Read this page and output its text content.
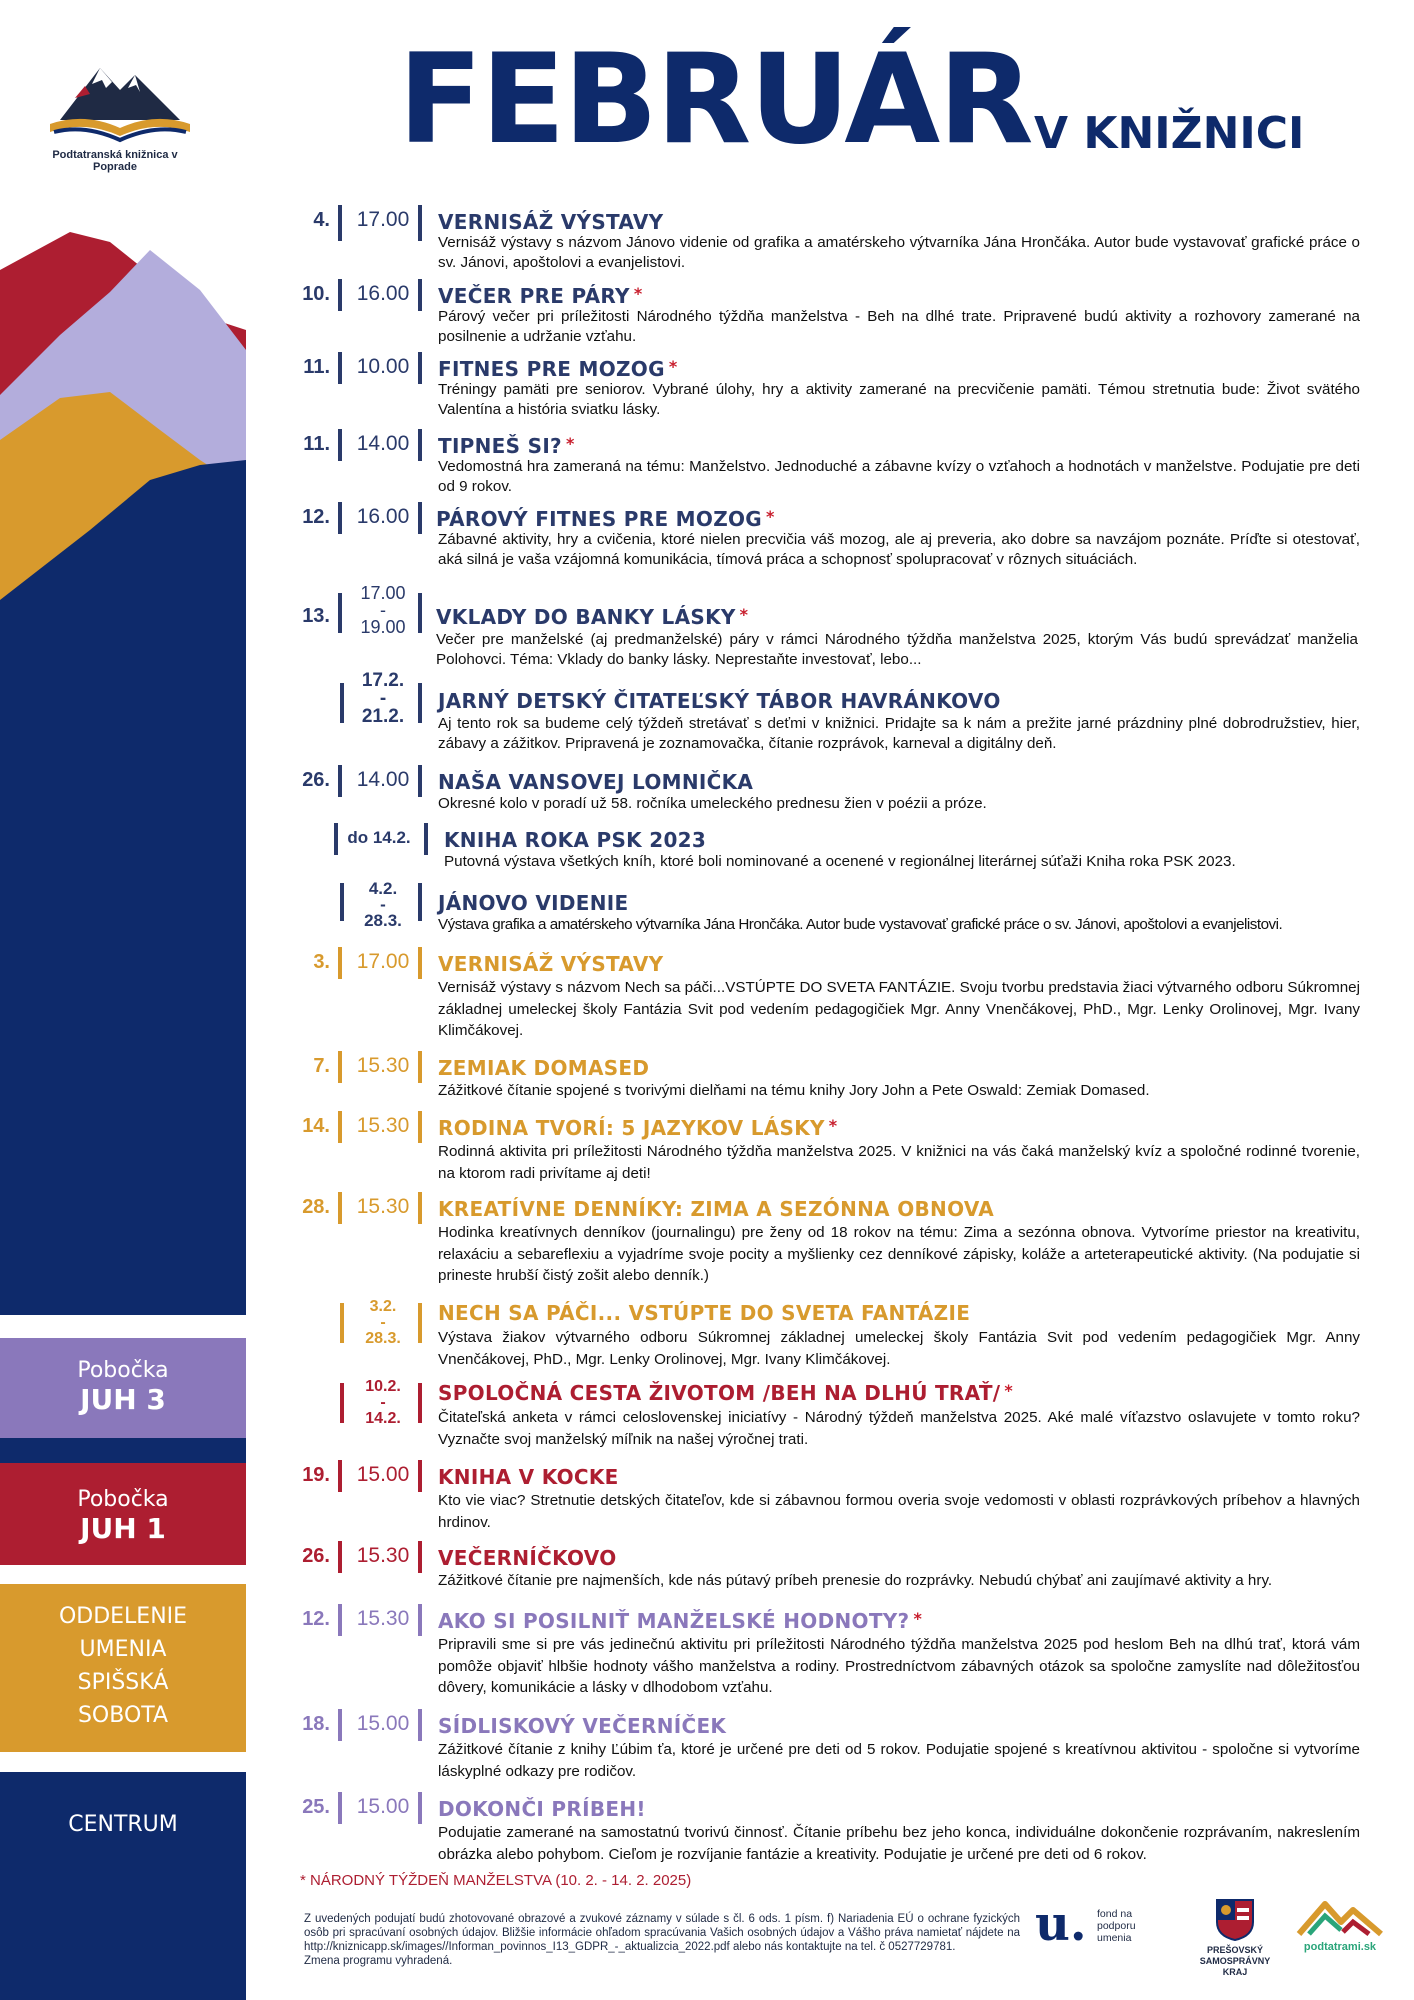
Pobočka
JUH 3
Pobočka
JUH 1
ODDELENIE
UMENIA
SPIŠSKÁ
SOBOTA
CENTRUM
Podtatranská knižnica v Poprade	FEBRUÁR V KNIŽNICI
4. 17.00 VERNISÁŽ VÝSTAVY
Vernisáž výstavy s názvom Jánovo videnie od grafika a amatérskeho výtvarníka Jána Hrončáka. Autor bude vystavovať grafické práce o sv. Jánovi, apoštolovi a evanjelistovi.
10. 16.00 VEČER PRE PÁRY *
Párový večer pri príležitosti Národného týždňa manželstva - Beh na dlhé trate. Pripravené budú aktivity a rozhovory zamerané na posilnenie a udržanie vzťahu.
11. 10.00 FITNES PRE MOZOG *
Tréningy pamäti pre seniorov. Vybrané úlohy, hry a aktivity zamerané na precvičenie pamäti. Témou stretnutia bude: Život svätého Valentína a história sviatku lásky.
11. 14.00 TIPNEŠ SI? *
Vedomostná hra zameraná na tému: Manželstvo. Jednoduché a zábavne kvízy o vzťahoch a hodnotách v manželstve. Podujatie pre deti od 9 rokov.
12. 16.00 PÁROVÝ FITNES PRE MOZOG *
Zábavné aktivity, hry a cvičenia, ktoré nielen precvičia váš mozog, ale aj preveria, ako dobre sa navzájom poznáte. Príďte si otestovať, aká silná je vaša vzájomná komunikácia, tímová práca a schopnosť spolupracovať v rôznych situáciách.
13.
17.00
-
19.00	VKLADY DO BANKY LÁSKY *
Večer pre manželské (aj predmanželské) páry v rámci Národného týždňa manželstva 2025, ktorým Vás budú sprevádzať manželia Polohovci. Téma: Vklady do banky lásky. Neprestaňte investovať, lebo...
17.2.
-
21.2.
JARNÝ DETSKÝ ČITATEĽSKÝ TÁBOR HAVRÁNKOVO
Aj tento rok sa budeme celý týždeň stretávať s deťmi v knižnici. Pridajte sa k nám a prežite jarné prázdniny plné dobrodružstiev, hier, zábavy a zážitkov. Pripravená je zoznamovačka, čítanie rozprávok, karneval a digitálny deň.
26. 14.00 NAŠA VANSOVEJ LOMNIČKA
Okresné kolo v poradí už 58. ročníka umeleckého prednesu žien v poézii a próze.
do 14.2. KNIHA ROKA PSK 2023
Putovná výstava všetkých kníh, ktoré boli nominované a ocenené v regionálnej literárnej súťaži Kniha roka PSK 2023.
4.2.
-
28.3.
JÁNOVO VIDENIE
Výstava grafika a amatérskeho výtvarníka Jána Hrončáka. Autor bude vystavovať grafické práce o sv. Jánovi, apoštolovi a evanjelistovi.
3. 17.00 VERNISÁŽ VÝSTAVY
Vernisáž výstavy s názvom Nech sa páči...VSTÚPTE DO SVETA FANTÁZIE. Svoju tvorbu predstavia žiaci výtvarného odboru Súkromnej základnej umeleckej školy Fantázia Svit pod vedením pedagogičiek Mgr. Anny Vnenčákovej, PhD., Mgr. Lenky Orolinovej, Mgr. Ivany Klimčákovej.
7. 15.30 ZEMIAK DOMASED
Zážitkové čítanie spojené s tvorivými dielňami na tému knihy Jory John a Pete Oswald: Zemiak Domased.
14. 15.30 RODINA TVORÍ: 5 JAZYKOV LÁSKY *
Rodinná aktivita pri príležitosti Národného týždňa manželstva 2025. V knižnici na vás čaká manželský kvíz a spoločné rodinné tvorenie, na ktorom radi privítame aj deti!
28. 15.30 KREATÍVNE DENNÍKY: ZIMA A SEZÓNNA OBNOVA
Hodinka kreatívnych denníkov (journalingu) pre ženy od 18 rokov na tému: Zima a sezónna obnova. Vytvoríme priestor na kreativitu, relaxáciu a sebareflexiu a vyjadríme svoje pocity a myšlienky cez denníkové zápisky, koláže a arteterapeutické aktivity. (Na podujatie si prineste hrubší čistý zošit alebo denník.)
3.2.
-
28.3.
NECH SA PÁČI... VSTÚPTE DO SVETA FANTÁZIE
Výstava žiakov výtvarného odboru Súkromnej základnej umeleckej školy Fantázia Svit pod vedením pedagogičiek Mgr. Anny Vnenčákovej, PhD., Mgr. Lenky Orolinovej, Mgr. Ivany Klimčákovej.
10.2.
-
14.2.
SPOLOČNÁ CESTA ŽIVOTOM /BEH NA DLHÚ TRAŤ/ *
Čitateľská anketa v rámci celoslovenskej iniciatívy - Národný týždeň manželstva 2025. Aké malé víťazstvo oslavujete v tomto roku? Vyznačte svoj manželský míľnik na našej výročnej trati.
19. 15.00 KNIHA V KOCKE
Kto vie viac? Stretnutie detských čitateľov, kde si zábavnou formou overia svoje vedomosti v oblasti rozprávkových príbehov a hlavných hrdinov.
26. 15.30 VEČERNÍČKOVO
Zážitkové čítanie pre najmenších, kde nás pútavý príbeh prenesie do rozprávky. Nebudú chýbať ani zaujímavé aktivity a hry.
12. 15.30 AKO SI POSILNIŤ MANŽELSKÉ HODNOTY? *
Pripravili sme si pre vás jedinečnú aktivitu pri príležitosti Národného týždňa manželstva 2025 pod heslom Beh na dlhú trať, ktorá vám pomôže objaviť hlbšie hodnoty vášho manželstva a rodiny. Prostredníctvom zábavných otázok sa spoločne zamyslíte nad dôležitosťou dôvery, komunikácie a lásky v dlhodobom vzťahu.
18. 15.00 SÍDLISKOVÝ VEČERNÍČEK
Zážitkové čítanie z knihy Ľúbim ťa, ktoré je určené pre deti od 5 rokov. Podujatie spojené s kreatívnou aktivitou - spoločne si vytvoríme láskyplné odkazy pre rodičov.
25. 15.00 DOKONČI PRÍBEH!
Podujatie zamerané na samostatnú tvorivú činnosť. Čítanie príbehu bez jeho konca, individuálne dokončenie rozprávaním, nakreslením obrázka alebo pohybom. Cieľom je rozvíjanie fantázie a kreativity. Podujatie je určené pre deti od 6 rokov.
* NÁRODNÝ TÝŽDEŇ MANŽELSTVA (10. 2. - 14. 2. 2025)
Z uvedených podujatí budú zhotovované obrazové a zvukové záznamy v súlade s čl. 6 ods. 1 písm. f) Nariadenia EÚ o ochrane fyzických osôb pri spracúvaní osobných údajov. Bližšie informácie ohľadom spracúvania Vašich osobných údajov a Vášho práva namietať nájdete na http://kniznicapp.sk/images//Informan_povinnos_I13_GDPR_-_aktualizcia_2022.pdf alebo nás kontaktujte na tel. č 0527729781.
Zmena programu vyhradená.
u. fond na podporu umenia
PREŠOVSKÝ SAMOSPRÁVNY KRAJ
podtatrami.sk
